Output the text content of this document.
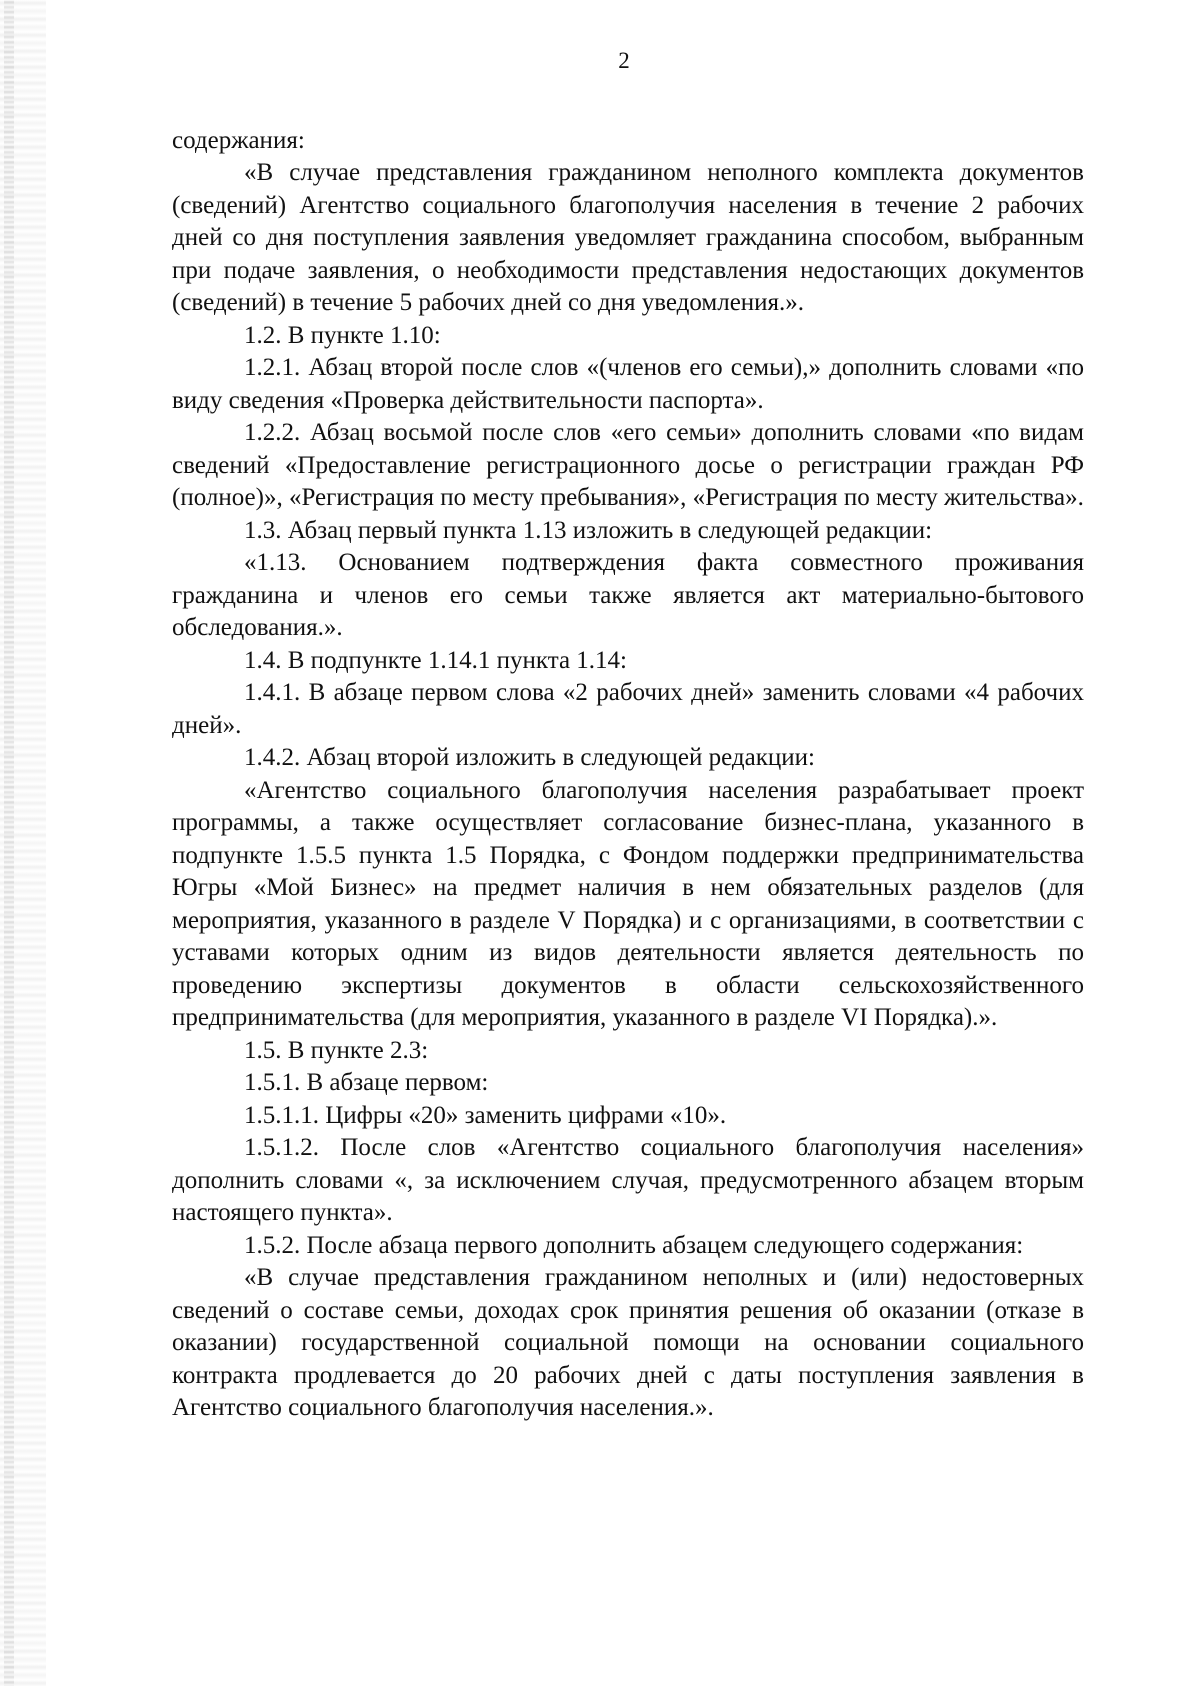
2

содержания:

«В случае представления гражданином неполного комплекта документов (сведений) Агентство социального благополучия населения в течение 2 рабочих дней со дня поступления заявления уведомляет гражданина способом, выбранным при подаче заявления, о необходимости представления недостающих документов (сведений) в течение 5 рабочих дней со дня уведомления.».

1.2. В пункте 1.10:

1.2.1. Абзац второй после слов «(членов его семьи),» дополнить словами «по виду сведения «Проверка действительности паспорта».

1.2.2. Абзац восьмой после слов «его семьи» дополнить словами «по видам сведений «Предоставление регистрационного досье о регистрации граждан РФ (полное)», «Регистрация по месту пребывания», «Регистрация по месту жительства».

1.3. Абзац первый пункта 1.13 изложить в следующей редакции:

«1.13. Основанием подтверждения факта совместного проживания гражданина и членов его семьи также является акт материально-бытового обследования.».

1.4. В подпункте 1.14.1 пункта 1.14:

1.4.1. В абзаце первом слова «2 рабочих дней» заменить словами «4 рабочих дней».

1.4.2. Абзац второй изложить в следующей редакции:

«Агентство социального благополучия населения разрабатывает проект программы, а также осуществляет согласование бизнес-плана, указанного в подпункте 1.5.5 пункта 1.5 Порядка, с Фондом поддержки предпринимательства Югры «Мой Бизнес» на предмет наличия в нем обязательных разделов (для мероприятия, указанного в разделе V Порядка) и с организациями, в соответствии с уставами которых одним из видов деятельности является деятельность по проведению экспертизы документов в области сельскохозяйственного предпринимательства (для мероприятия, указанного в разделе VI Порядка).».

1.5. В пункте 2.3:

1.5.1. В абзаце первом:

1.5.1.1. Цифры «20» заменить цифрами «10».

1.5.1.2. После слов «Агентство социального благополучия населения» дополнить словами «, за исключением случая, предусмотренного абзацем вторым настоящего пункта».

1.5.2. После абзаца первого дополнить абзацем следующего содержания:

«В случае представления гражданином неполных и (или) недостоверных сведений о составе семьи, доходах срок принятия решения об оказании (отказе в оказании) государственной социальной помощи на основании социального контракта продлевается до 20 рабочих дней с даты поступления заявления в Агентство социального благополучия населения.».
